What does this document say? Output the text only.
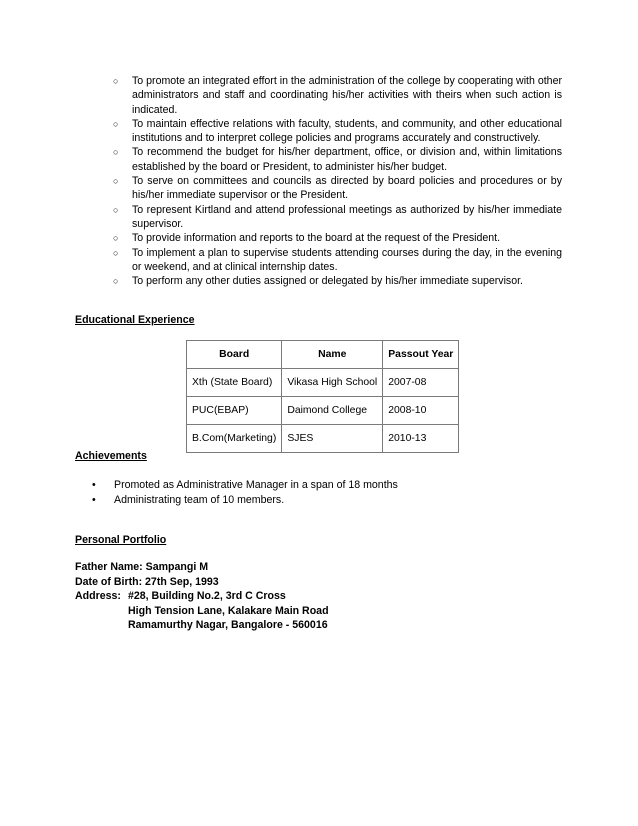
○ To promote an integrated effort in the administration of the college by cooperating with other administrators and staff and coordinating his/her activities with theirs when such action is indicated.
○ To maintain effective relations with faculty, students, and community, and other educational institutions and to interpret college policies and programs accurately and constructively.
○ To recommend the budget for his/her department, office, or division and, within limitations established by the board or President, to administer his/her budget.
○ To serve on committees and councils as directed by board policies and procedures or by his/her immediate supervisor or the President.
○ To represent Kirtland and attend professional meetings as authorized by his/her immediate supervisor.
○ To provide information and reports to the board at the request of the President.
○ To implement a plan to supervise students attending courses during the day, in the evening or weekend, and at clinical internship dates.
○ To perform any other duties assigned or delegated by his/her immediate supervisor.
Educational Experience
Board	Name	Passout Year
Xth (State Board)	Vikasa High School	2007-08
PUC(EBAP)	Daimond College	2008-10
B.Com(Marketing)	SJES	2010-13
Achievements
• Promoted as Administrative Manager in a span of 18 months
• Administrating team of 10 members.
Personal Portfolio
Father Name: Sampangi M
Date of Birth: 27th Sep, 1993
Address: #28, Building No.2, 3rd C Cross
High Tension Lane, Kalakare Main Road
Ramamurthy Nagar, Bangalore - 560016
